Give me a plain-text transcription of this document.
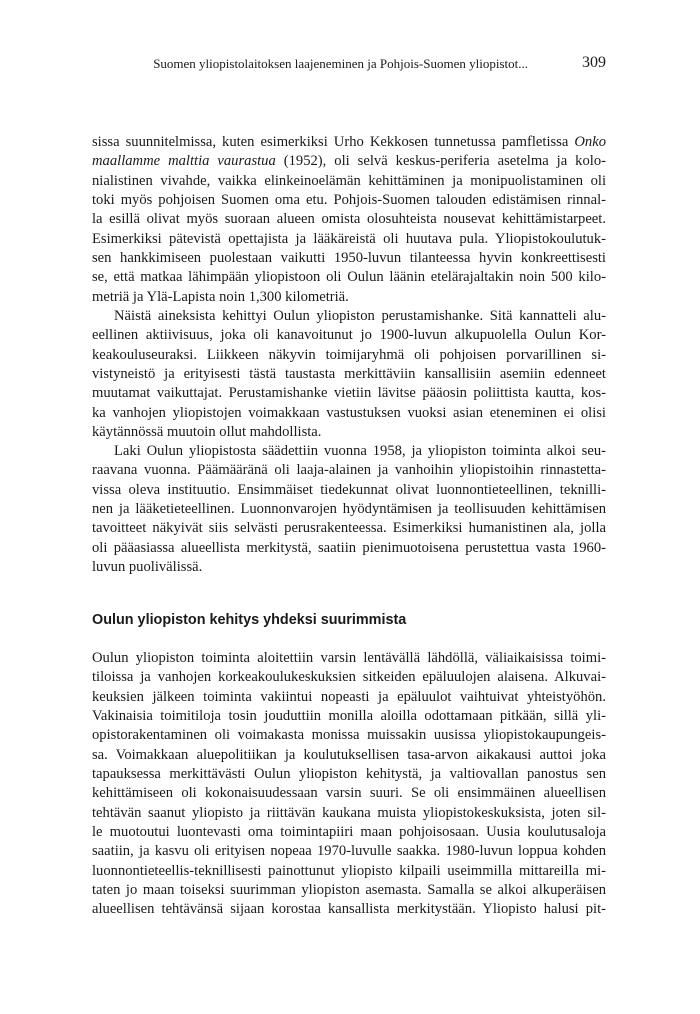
Suomen yliopistolaitoksen laajeneminen ja Pohjois-Suomen yliopistot...	309
sissa suunnitelmissa, kuten esimerkiksi Urho Kekkosen tunnetussa pamfletissa Onko
maallamme malttia vaurastua (1952), oli selvä keskus-periferia asetelma ja kolo-
nialistinen vivahde, vaikka elinkeinoelämän kehittäminen ja monipuolistaminen oli
toki myös pohjoisen Suomen oma etu. Pohjois-Suomen talouden edistämisen rinnal-
la esillä olivat myös suoraan alueen omista olosuhteista nousevat kehittämistarpeet.
Esimerkiksi pätevistä opettajista ja lääkäreistä oli huutava pula. Yliopistokoulutuk-
sen hankkimiseen puolestaan vaikutti 1950-luvun tilanteessa hyvin konkreettisesti
se, että matkaa lähimpään yliopistoon oli Oulun läänin etelärajaltakin noin 500 kilo-
metriä ja Ylä-Lapista noin 1,300 kilometriä.
Näistä aineksista kehittyi Oulun yliopiston perustamishanke. Sitä kannatteli alu-
eellinen aktiivisuus, joka oli kanavoitunut jo 1900-luvun alkupuolella Oulun Kor-
keakouluseuraksi. Liikkeen näkyvin toimijaryhmä oli pohjoisen porvarillinen si-
vistyneistö ja erityisesti tästä taustasta merkittäviin kansallisiin asemiin edenneet
muutamat vaikuttajat. Perustamishanke vietiin lävitse pääosin poliittista kautta, kos-
ka vanhojen yliopistojen voimakkaan vastustuksen vuoksi asian eteneminen ei olisi
käytännössä muutoin ollut mahdollista.
Laki Oulun yliopistosta säädettiin vuonna 1958, ja yliopiston toiminta alkoi seu-
raavana vuonna. Päämääränä oli laaja-alainen ja vanhoihin yliopistoihin rinnastetta-
vissa oleva instituutio. Ensimmäiset tiedekunnat olivat luonnontieteellinen, teknilli-
nen ja lääketieteellinen. Luonnonvarojen hyödyntämisen ja teollisuuden kehittämisen
tavoitteet näkyivät siis selvästi perusrakenteessa. Esimerkiksi humanistinen ala, jolla
oli pääasiassa alueellista merkitystä, saatiin pienimuotoisena perustettua vasta 1960-
luvun puolivälissä.
Oulun yliopiston kehitys yhdeksi suurimmista
Oulun yliopiston toiminta aloitettiin varsin lentävällä lähdöllä, väliaikaisissa toimi-
tiloissa ja vanhojen korkeakoulukeskuksien sitkeiden epäluulojen alaisena. Alkuvai-
keuksien jälkeen toiminta vakiintui nopeasti ja epäluulot vaihtuivat yhteistyöhön.
Vakinaisia toimitiloja tosin jouduttiin monilla aloilla odottamaan pitkään, sillä yli-
opistorakentaminen oli voimakasta monissa muissakin uusissa yliopistokaupungeis-
sa. Voimakkaan aluepolitiikan ja koulutuksellisen tasa-arvon aikakausi auttoi joka
tapauksessa merkittävästi Oulun yliopiston kehitystä, ja valtiovallan panostus sen
kehittämiseen oli kokonaisuudessaan varsin suuri. Se oli ensimmäinen alueellisen
tehtävän saanut yliopisto ja riittävän kaukana muista yliopistokeskuksista, joten sil-
le muotoutui luontevasti oma toimintapiiri maan pohjoisosaan. Uusia koulutusaloja
saatiin, ja kasvu oli erityisen nopeaa 1970-luvulle saakka. 1980-luvun loppua kohden
luonnontieteellis-teknillisesti painottunut yliopisto kilpaili useimmilla mittareilla mi-
taten jo maan toiseksi suurimman yliopiston asemasta. Samalla se alkoi alkuperäisen
alueellisen tehtävänsä sijaan korostaa kansallista merkitystään. Yliopisto halusi pit-
